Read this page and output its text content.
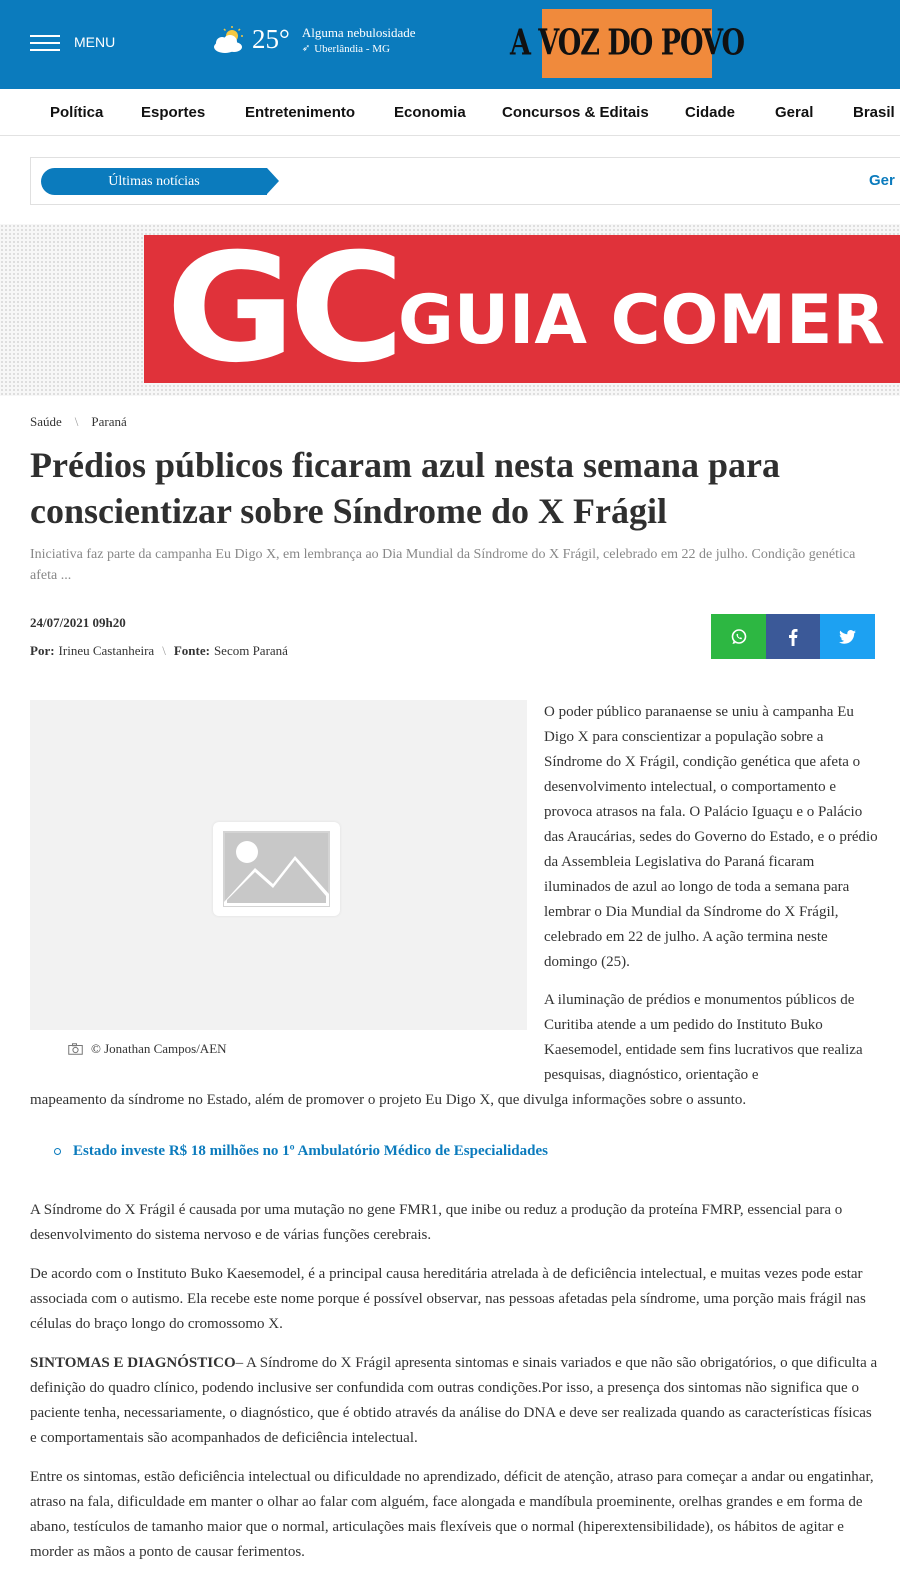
MENU	25° Alguma nebulosidade
➶ Uberlândia - MG	A VOZ DO POVO
Política	Esportes	Entretenimento	Economia Concursos & Editais Cidade	Geral	Brasil
Últimas notícias	Ger
GC GUIA COMER
Saúde \ Paraná
Prédios públicos ficaram azul nesta semana para conscientizar sobre Síndrome do X Frágil

Iniciativa faz parte da campanha Eu Digo X, em lembrança ao Dia Mundial da Síndrome do X Frágil, celebrado em 22 de julho. Condição genética afeta ...

24/07/2021 09h20
Por: Irineu Castanheira \ Fonte: Secom Paraná
© Jonathan Campos/AEN

O poder público paranaense se uniu à campanha Eu Digo X para conscientizar a população sobre a Síndrome do X Frágil, condição genética que afeta o desenvolvimento intelectual, o comportamento e provoca atrasos na fala. O Palácio Iguaçu e o Palácio das Araucárias, sedes do Governo do Estado, e o prédio da Assembleia Legislativa do Paraná ficaram iluminados de azul ao longo de toda a semana para lembrar o Dia Mundial da Síndrome do X Frágil, celebrado em 22 de julho. A ação termina neste domingo (25).

A iluminação de prédios e monumentos públicos de Curitiba atende a um pedido do Instituto Buko Kaesemodel, entidade sem fins lucrativos que realiza pesquisas, diagnóstico, orientação e

mapeamento da síndrome no Estado, além de promover o projeto Eu Digo X, que divulga informações sobre o assunto.

Estado investe R$ 18 milhões no 1º Ambulatório Médico de Especialidades

A Síndrome do X Frágil é causada por uma mutação no gene FMR1, que inibe ou reduz a produção da proteína FMRP, essencial para o desenvolvimento do sistema nervoso e de várias funções cerebrais.

De acordo com o Instituto Buko Kaesemodel, é a principal causa hereditária atrelada à de deficiência intelectual, e muitas vezes pode estar associada com o autismo. Ela recebe este nome porque é possível observar, nas pessoas afetadas pela síndrome, uma porção mais frágil nas células do braço longo do cromossomo X.

SINTOMAS E DIAGNÓSTICO– A Síndrome do X Frágil apresenta sintomas e sinais variados e que não são obrigatórios, o que dificulta a definição do quadro clínico, podendo inclusive ser confundida com outras condições.Por isso, a presença dos sintomas não significa que o paciente tenha, necessariamente, o diagnóstico, que é obtido através da análise do DNA e deve ser realizada quando as características físicas e comportamentais são acompanhados de deficiência intelectual.

Entre os sintomas, estão deficiência intelectual ou dificuldade no aprendizado, déficit de atenção, atraso para começar a andar ou engatinhar, atraso na fala, dificuldade em manter o olhar ao falar com alguém, face alongada e mandíbula proeminente, orelhas grandes e em forma de abano, testículos de tamanho maior que o normal, articulações mais flexíveis que o normal (hiperextensibilidade), os hábitos de agitar e morder as mãos a ponto de causar ferimentos.
